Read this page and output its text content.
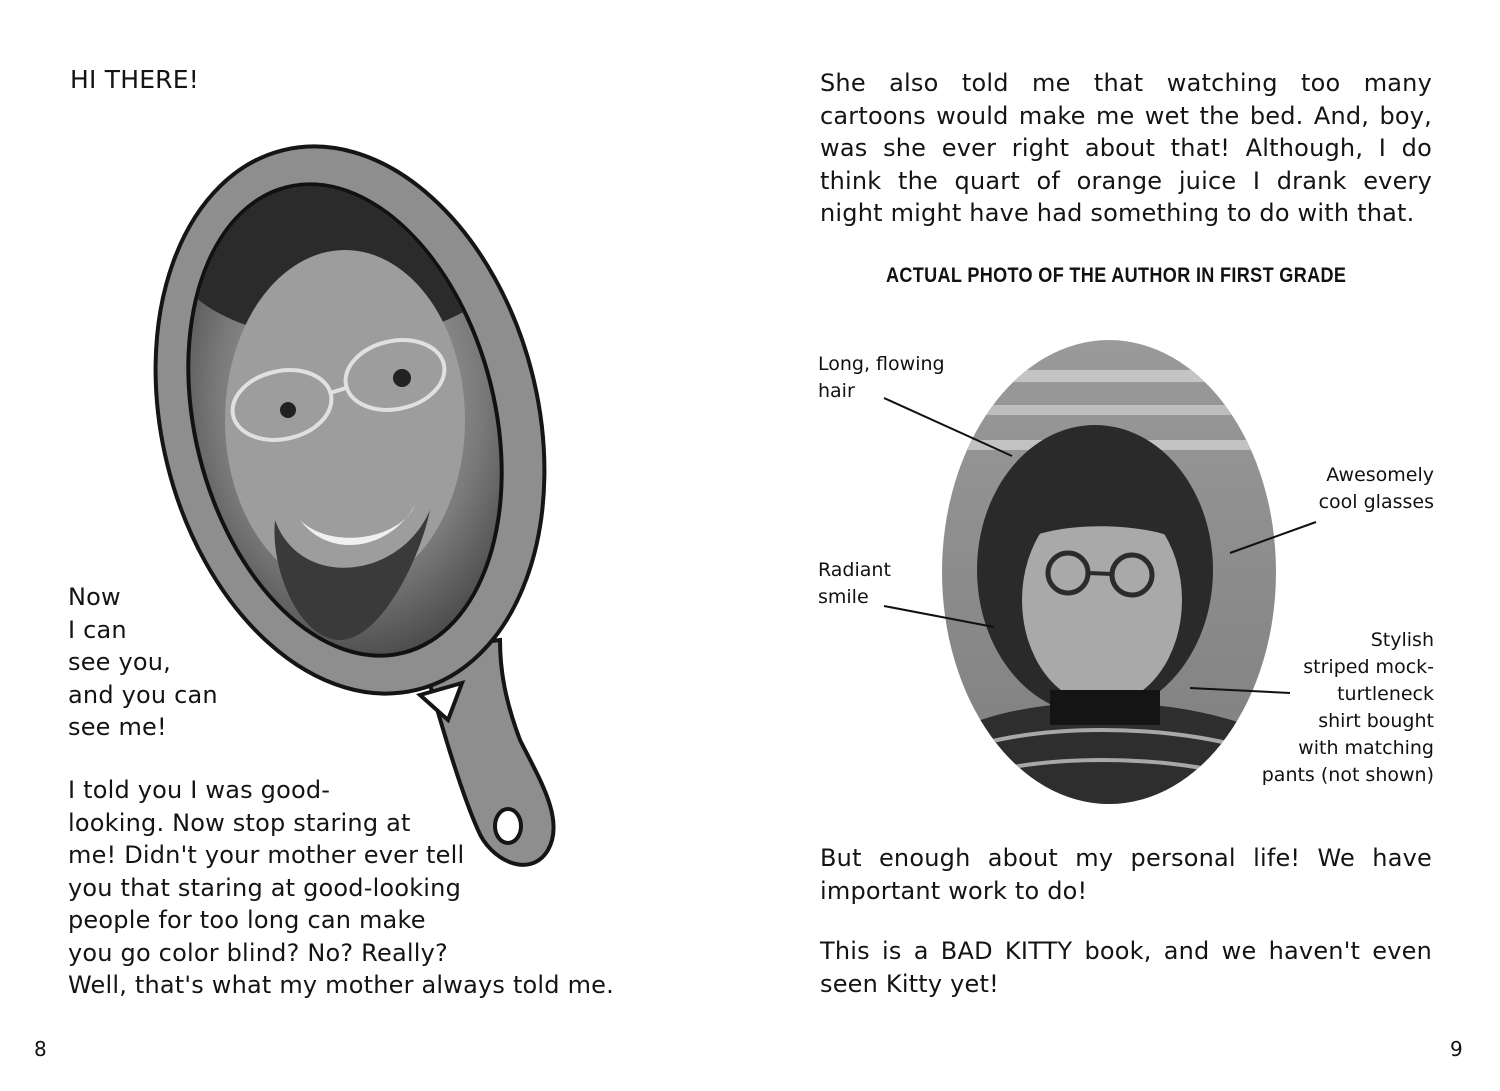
HI THERE!
Now
I can
see you,
and you can
see me!
I told you I was good-
looking. Now stop staring at
me! Didn't your mother ever tell
you that staring at good-looking
people for too long can make
you go color blind? No? Really?
Well, that's what my mother always told me.
8
She also told me that watching too many cartoons would make me wet the bed. And, boy, was she ever right about that! Although, I do think the quart of orange juice I drank every night might have had something to do with that.
ACTUAL PHOTO OF THE AUTHOR IN FIRST GRADE
Long, flowing
hair
Awesomely
cool glasses
Radiant
smile
Stylish
striped mock-
turtleneck
shirt bought
with matching
pants (not shown)
But enough about my personal life! We have important work to do!
This is a BAD KITTY book, and we haven't even seen Kitty yet!
9
